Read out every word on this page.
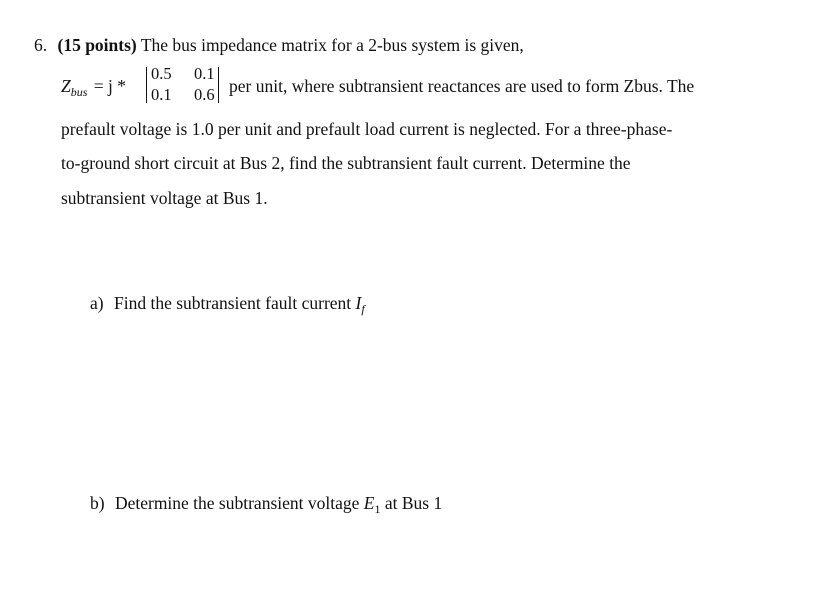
6. (15 points) The bus impedance matrix for a 2-bus system is given,
$Z_{bus} = j$ *
0.5 0.1
0.1 0.6 per unit, where subtransient reactances are used to form Zbus. The
prefault voltage is 1.0 per unit and prefault load current is neglected. For a three-phase-
to-ground short circuit at Bus 2, find the subtransient fault current. Determine the
subtransient voltage at Bus 1.
a) Find the subtransient fault current $I_f$
b) Determine the subtransient voltage $E_1$ at Bus 1
